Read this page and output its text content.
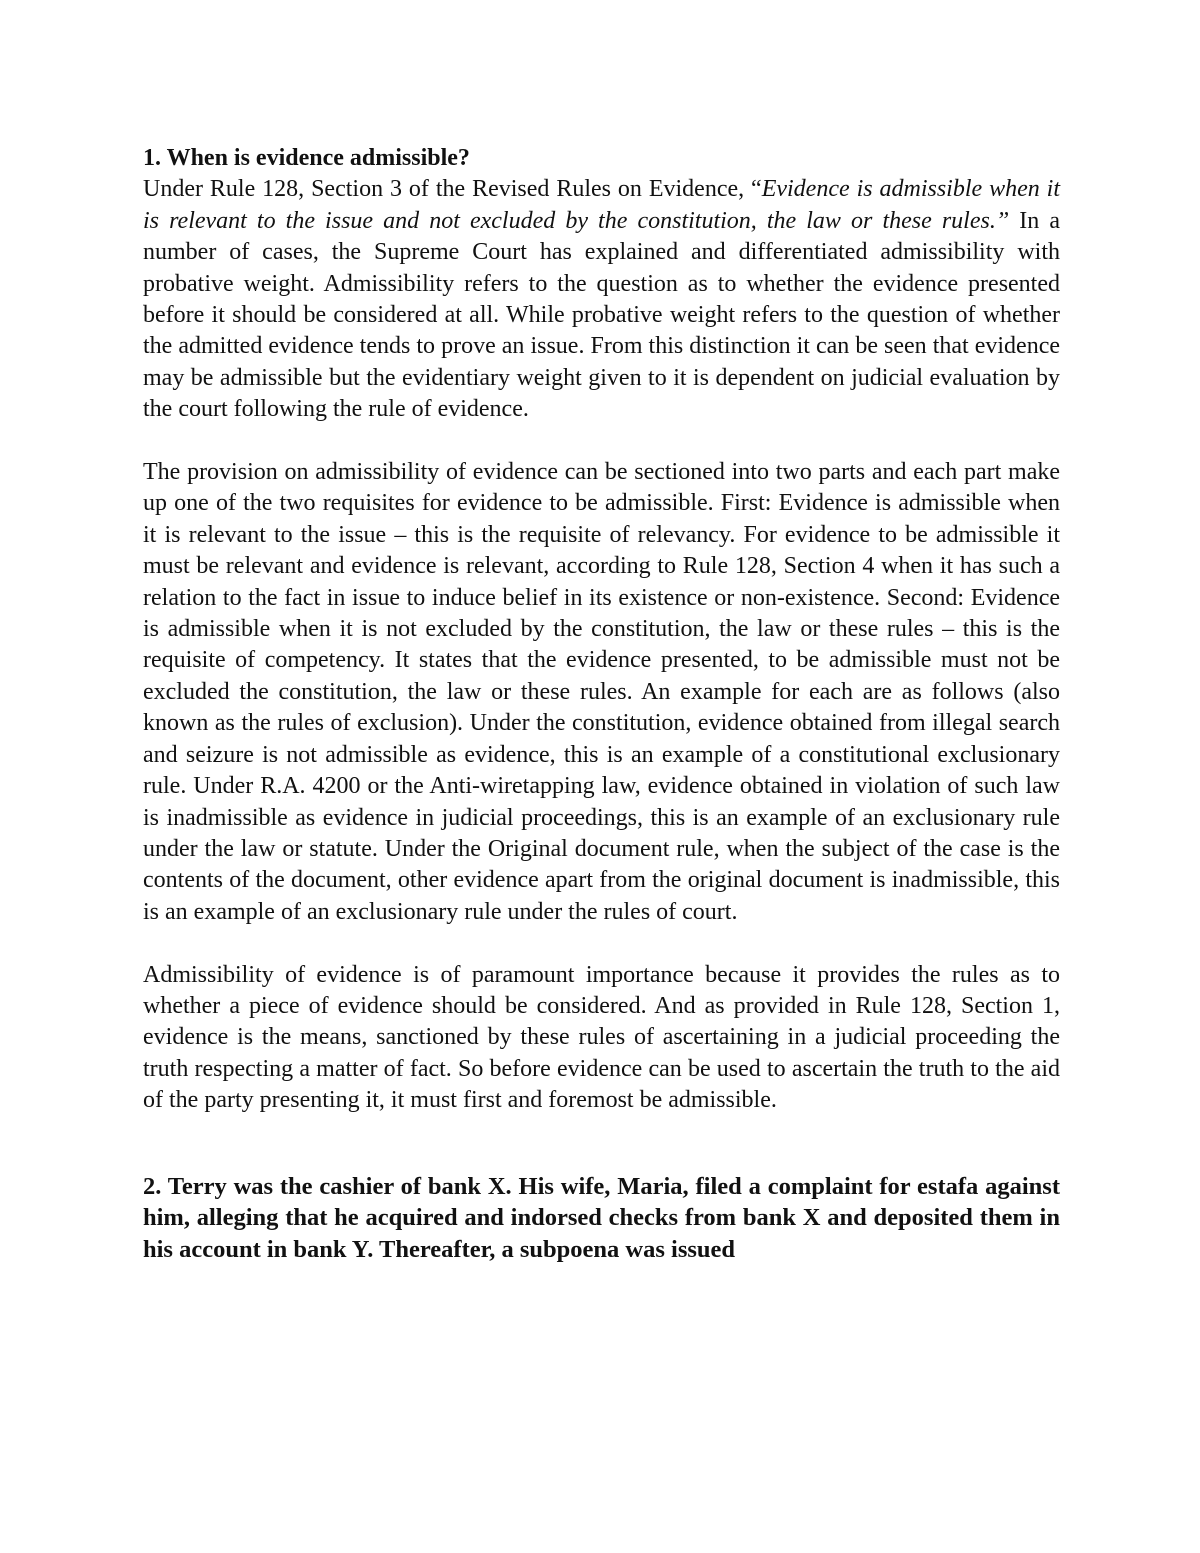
1. When is evidence admissible?

Under Rule 128, Section 3 of the Revised Rules on Evidence, “Evidence is admissible when it is relevant to the issue and not excluded by the constitution, the law or these rules.” In a number of cases, the Supreme Court has explained and differentiated admissibility with probative weight. Admissibility refers to the question as to whether the evidence presented before it should be considered at all. While probative weight refers to the question of whether the admitted evidence tends to prove an issue. From this distinction it can be seen that evidence may be admissible but the evidentiary weight given to it is dependent on judicial evaluation by the court following the rule of evidence.

The provision on admissibility of evidence can be sectioned into two parts and each part make up one of the two requisites for evidence to be admissible. First: Evidence is admissible when it is relevant to the issue – this is the requisite of relevancy. For evidence to be admissible it must be relevant and evidence is relevant, according to Rule 128, Section 4 when it has such a relation to the fact in issue to induce belief in its existence or non-existence. Second: Evidence is admissible when it is not excluded by the constitution, the law or these rules – this is the requisite of competency. It states that the evidence presented, to be admissible must not be excluded the constitution, the law or these rules. An example for each are as follows (also known as the rules of exclusion). Under the constitution, evidence obtained from illegal search and seizure is not admissible as evidence, this is an example of a constitutional exclusionary rule. Under R.A. 4200 or the Anti-wiretapping law, evidence obtained in violation of such law is inadmissible as evidence in judicial proceedings, this is an example of an exclusionary rule under the law or statute. Under the Original document rule, when the subject of the case is the contents of the document, other evidence apart from the original document is inadmissible, this is an example of an exclusionary rule under the rules of court.

Admissibility of evidence is of paramount importance because it provides the rules as to whether a piece of evidence should be considered. And as provided in Rule 128, Section 1, evidence is the means, sanctioned by these rules of ascertaining in a judicial proceeding the truth respecting a matter of fact. So before evidence can be used to ascertain the truth to the aid of the party presenting it, it must first and foremost be admissible.

2. Terry was the cashier of bank X. His wife, Maria, filed a complaint for estafa against him, alleging that he acquired and indorsed checks from bank X and deposited them in his account in bank Y. Thereafter, a subpoena was issued
